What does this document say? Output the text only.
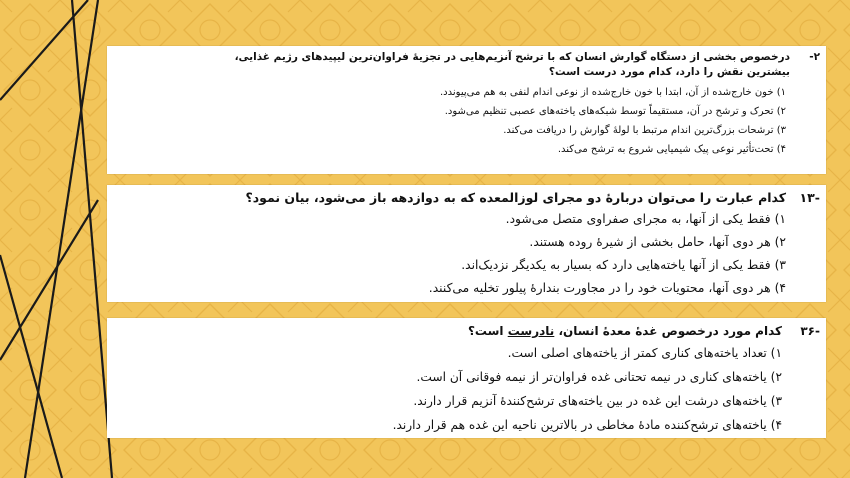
۲-
درخصوص بخشی از دستگاه گوارش انسان که با ترشح آنزیم‌هایی در تجزیهٔ فراوان‌ترین لیپیدهای رژیم غذایی،
بیشترین نقش را دارد، کدام مورد درست است؟
۱) خون خارج‌شده از آن، ابتدا با خون خارج‌شده از نوعی اندام لنفی به هم می‌پیوندد.
۲) تحرک و ترشح در آن، مستقیماً توسط شبکه‌های یاخته‌های عصبی تنظیم می‌شود.
۳) ترشحات بزرگ‌ترین اندام مرتبط با لولهٔ گوارش را دریافت می‌کند.
۴) تحت‌تأثیر نوعی پیک شیمیایی شروع به ترشح می‌کند.
-۱۳
کدام عبارت را می‌توان دربارهٔ دو مجرای لوزالمعده که به دوازدهه باز می‌شود، بیان نمود؟
۱) فقط یکی از آنها، به مجرای صفراوی متصل می‌شود.
۲) هر دوی آنها، حامل بخشی از شیرهٔ روده هستند.
۳) فقط یکی از آنها یاخته‌هایی دارد که بسیار به یکدیگر نزدیک‌اند.
۴) هر دوی آنها، محتویات خود را در مجاورت بندارهٔ پیلور تخلیه می‌کنند.
-۳۶
کدام مورد درخصوص غدهٔ معدهٔ انسان، نادرست است؟
۱) تعداد یاخته‌های کناری کمتر از یاخته‌های اصلی است.
۲) یاخته‌های کناری در نیمه تحتانی غده فراوان‌تر از نیمه فوقانی آن است.
۳) یاخته‌های درشت این غده در بین یاخته‌های ترشح‌کنندهٔ آنزیم قرار دارند.
۴) یاخته‌های ترشح‌کننده مادهٔ مخاطی در بالاترین ناحیه این غده هم قرار دارند.
